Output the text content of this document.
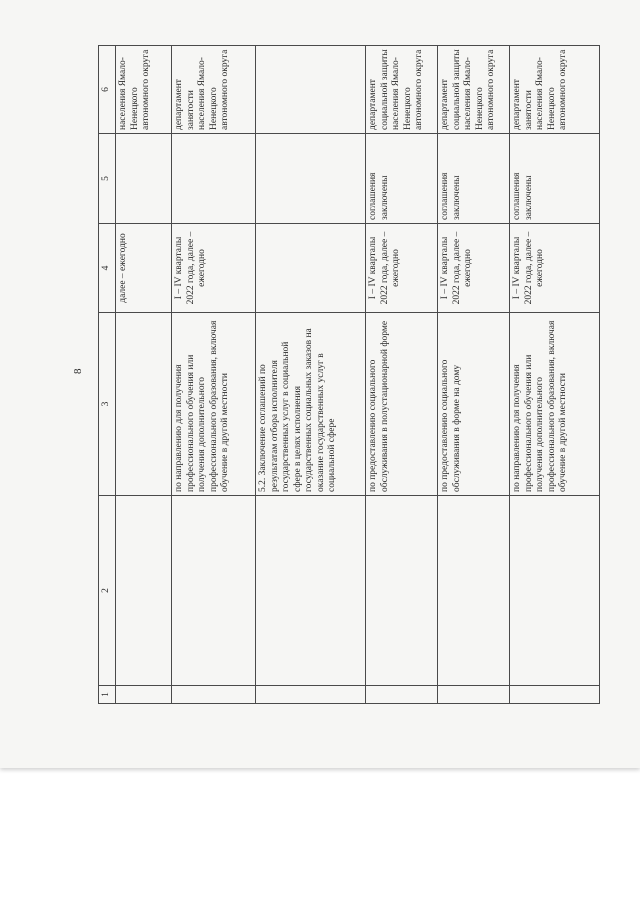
8
1	2	3	4	5	6
			далее – ежегодно		населения Ямало-Ненецкого автономного округа
		по направлению для получения профессионального обучения или получения дополнительного профессионального образования, включая обучение в другой местности	I – IV кварталы 2022 года, далее – ежегодно		департамент занятости населения Ямало-Ненецкого автономного округа
		5.2. Заключение соглашений по результатам отбора исполнителя государственных услуг в социальной сфере в целях исполнения государственных социальных заказов на оказание государственных услуг в социальной сфере			
		по предоставлению социального обслуживания в полустационарной форме	I – IV кварталы 2022 года, далее – ежегодно	соглашения заключены	департамент социальной защиты населения Ямало-Ненецкого автономного округа
		по предоставлению социального обслуживания в форме на дому	I – IV кварталы 2022 года, далее – ежегодно	соглашения заключены	департамент социальной защиты населения Ямало-Ненецкого автономного округа
		по направлению для получения профессионального обучения или получения дополнительного профессионального образования, включая обучение в другой местности	I – IV кварталы 2022 года, далее – ежегодно	соглашения заключены	департамент занятости населения Ямало-Ненецкого автономного округа
